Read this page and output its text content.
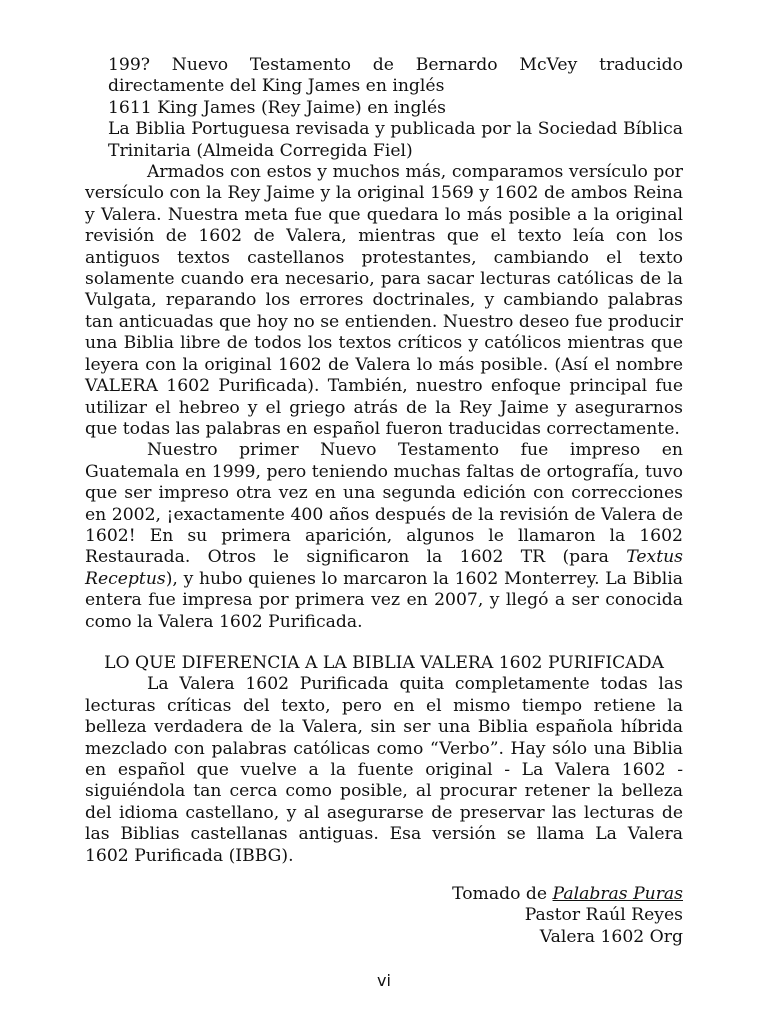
199? Nuevo Testamento de Bernardo McVey traducido directamente del King James en inglés

1611 King James (Rey Jaime) en inglés

La Biblia Portuguesa revisada y publicada por la Sociedad Bíblica Trinitaria (Almeida Corregida Fiel)

Armados con estos y muchos más, comparamos versículo por versículo con la Rey Jaime y la original 1569 y 1602 de ambos Reina y Valera. Nuestra meta fue que quedara lo más posible a la original revisión de 1602 de Valera, mientras que el texto leía con los antiguos textos castellanos protestantes, cambiando el texto solamente cuando era necesario, para sacar lecturas católicas de la Vulgata, reparando los errores doctrinales, y cambiando palabras tan anticuadas que hoy no se entienden. Nuestro deseo fue producir una Biblia libre de todos los textos críticos y católicos mientras que leyera con la original 1602 de Valera lo más posible. (Así el nombre VALERA 1602 Purificada). También, nuestro enfoque principal fue utilizar el hebreo y el griego atrás de la Rey Jaime y asegurarnos que todas las palabras en español fueron traducidas correctamente.

Nuestro primer Nuevo Testamento fue impreso en Guatemala en 1999, pero teniendo muchas faltas de ortografía, tuvo que ser impreso otra vez en una segunda edición con correcciones en 2002, ¡exactamente 400 años después de la revisión de Valera de 1602! En su primera aparición, algunos le llamaron la 1602 Restaurada. Otros le significaron la 1602 TR (para Textus Receptus), y hubo quienes lo marcaron la 1602 Monterrey. La Biblia entera fue impresa por primera vez en 2007, y llegó a ser conocida como la Valera 1602 Purificada.

LO QUE DIFERENCIA A LA BIBLIA VALERA 1602 PURIFICADA

La Valera 1602 Purificada quita completamente todas las lecturas críticas del texto, pero en el mismo tiempo retiene la belleza verdadera de la Valera, sin ser una Biblia española híbrida mezclado con palabras católicas como “Verbo”. Hay sólo una Biblia en español que vuelve a la fuente original - La Valera 1602 - siguiéndola tan cerca como posible, al procurar retener la belleza del idioma castellano, y al asegurarse de preservar las lecturas de las Biblias castellanas antiguas. Esa versión se llama La Valera 1602 Purificada (IBBG).

Tomado de Palabras Puras

Pastor Raúl Reyes

Valera 1602 Org

vi
